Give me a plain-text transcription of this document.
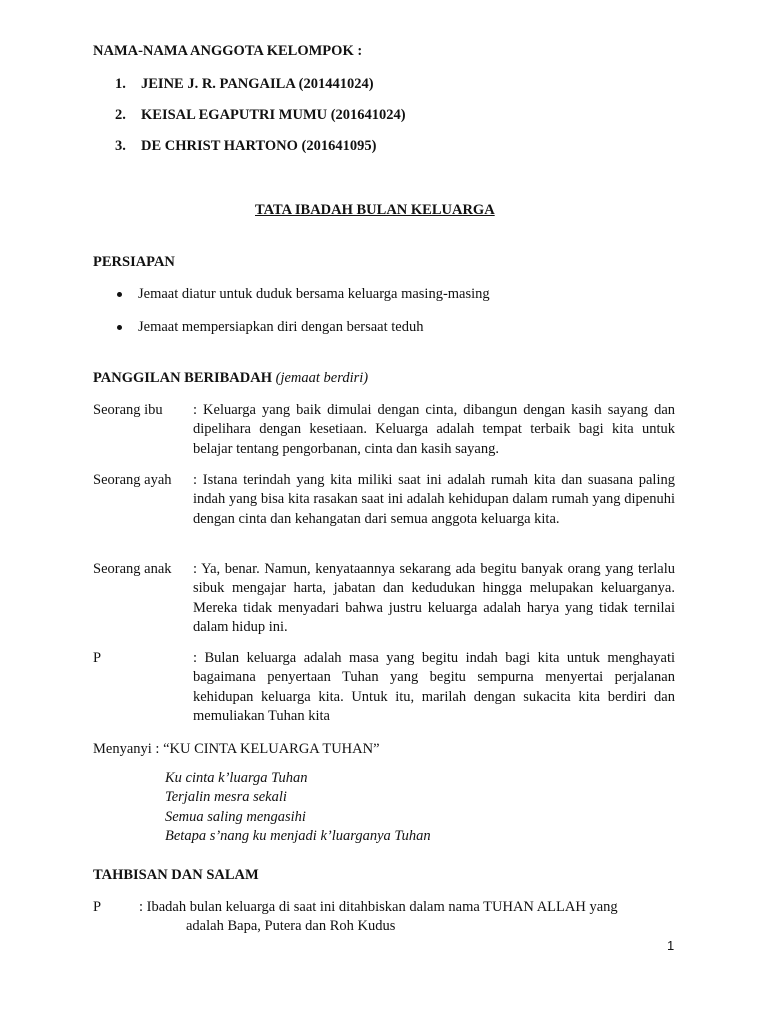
NAMA-NAMA ANGGOTA KELOMPOK :
1. JEINE J. R. PANGAILA (201441024)
2. KEISAL EGAPUTRI MUMU (201641024)
3. DE CHRIST HARTONO (201641095)
TATA IBADAH BULAN KELUARGA
PERSIAPAN
Jemaat diatur untuk duduk bersama keluarga masing-masing
Jemaat mempersiapkan diri dengan bersaat teduh
PANGGILAN BERIBADAH (jemaat berdiri)
Seorang ibu : Keluarga yang baik dimulai dengan cinta, dibangun dengan kasih sayang dan dipelihara dengan kesetiaan. Keluarga adalah tempat terbaik bagi kita untuk belajar tentang pengorbanan, cinta dan kasih sayang.
Seorang ayah : Istana terindah yang kita miliki saat ini adalah rumah kita dan suasana paling indah yang bisa kita rasakan saat ini adalah kehidupan dalam rumah yang dipenuhi dengan cinta dan kehangatan dari semua anggota keluarga kita.
Seorang anak : Ya, benar. Namun, kenyataannya sekarang ada begitu banyak orang yang terlalu sibuk mengajar harta, jabatan dan kedudukan hingga melupakan keluarganya. Mereka tidak menyadari bahwa justru keluarga adalah harya yang tidak ternilai dalam hidup ini.
P	: Bulan keluarga adalah masa yang begitu indah bagi kita untuk menghayati bagaimana penyertaan Tuhan yang begitu sempurna menyertai perjalanan kehidupan keluarga kita. Untuk itu, marilah dengan sukacita kita berdiri dan memuliakan Tuhan kita
Menyanyi : “KU CINTA KELUARGA TUHAN”
Ku cinta k’luarga Tuhan
Terjalin mesra sekali
Semua saling mengasihi
Betapa s’nang ku menjadi k’luarganya Tuhan
TAHBISAN DAN SALAM
P	: Ibadah bulan keluarga di saat ini ditahbiskan dalam nama TUHAN ALLAH yang
adalah Bapa, Putera dan Roh Kudus
1
